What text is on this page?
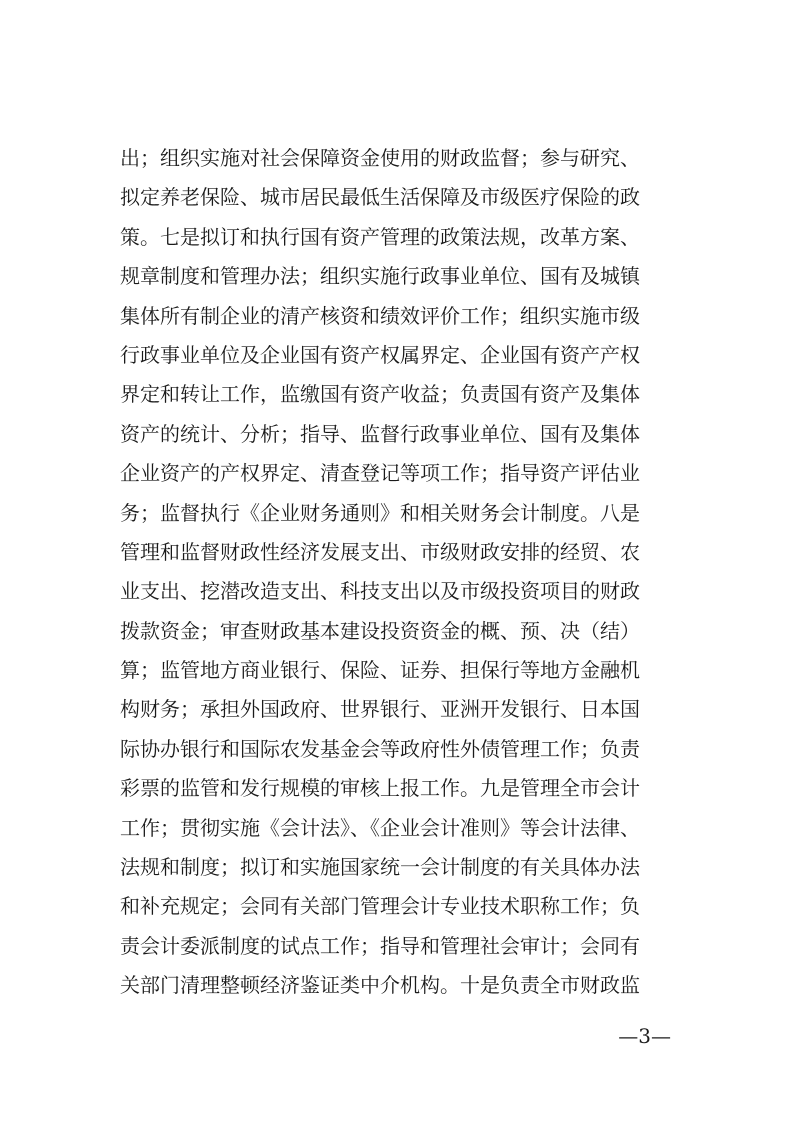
出；组织实施对社会保障资金使用的财政监督；参与研究、
拟定养老保险、城市居民最低生活保障及市级医疗保险的政
策。七是拟订和执行国有资产管理的政策法规，改革方案、
规章制度和管理办法；组织实施行政事业单位、国有及城镇
集体所有制企业的清产核资和绩效评价工作；组织实施市级
行政事业单位及企业国有资产权属界定、企业国有资产产权
界定和转让工作，监缴国有资产收益；负责国有资产及集体
资产的统计、分析；指导、监督行政事业单位、国有及集体
企业资产的产权界定、清查登记等项工作；指导资产评估业
务；监督执行《企业财务通则》和相关财务会计制度。八是
管理和监督财政性经济发展支出、市级财政安排的经贸、农
业支出、挖潜改造支出、科技支出以及市级投资项目的财政
拨款资金；审查财政基本建设投资资金的概、预、决（结）
算；监管地方商业银行、保险、证券、担保行等地方金融机
构财务；承担外国政府、世界银行、亚洲开发银行、日本国
际协办银行和国际农发基金会等政府性外债管理工作；负责
彩票的监管和发行规模的审核上报工作。九是管理全市会计
工作；贯彻实施《会计法》、《企业会计准则》等会计法律、
法规和制度；拟订和实施国家统一会计制度的有关具体办法
和补充规定；会同有关部门管理会计专业技术职称工作；负
责会计委派制度的试点工作；指导和管理社会审计；会同有
关部门清理整顿经济鉴证类中介机构。十是负责全市财政监
—3—
